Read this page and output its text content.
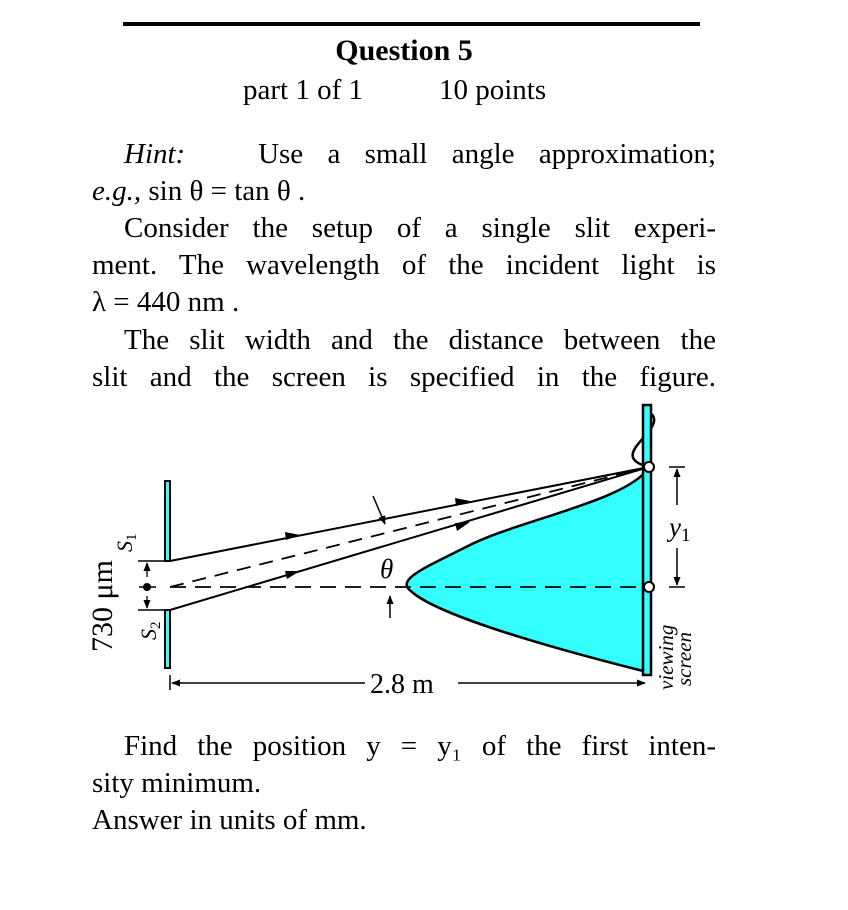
Question 5
part 1 of 1	10 points
Hint:	Use a small angle approximation;
e.g., sin θ = tan θ .
Consider the setup of a single slit experi-
ment. The wavelength of the incident light is
λ = 440 nm .
The slit width and the distance between the
slit and the screen is specified in the figure.
θ
y1
2.8 m
S1
S2
730 μm
viewing
screen
Find the position y = y₁ of the first inten-
sity minimum.
Answer in units of mm.
